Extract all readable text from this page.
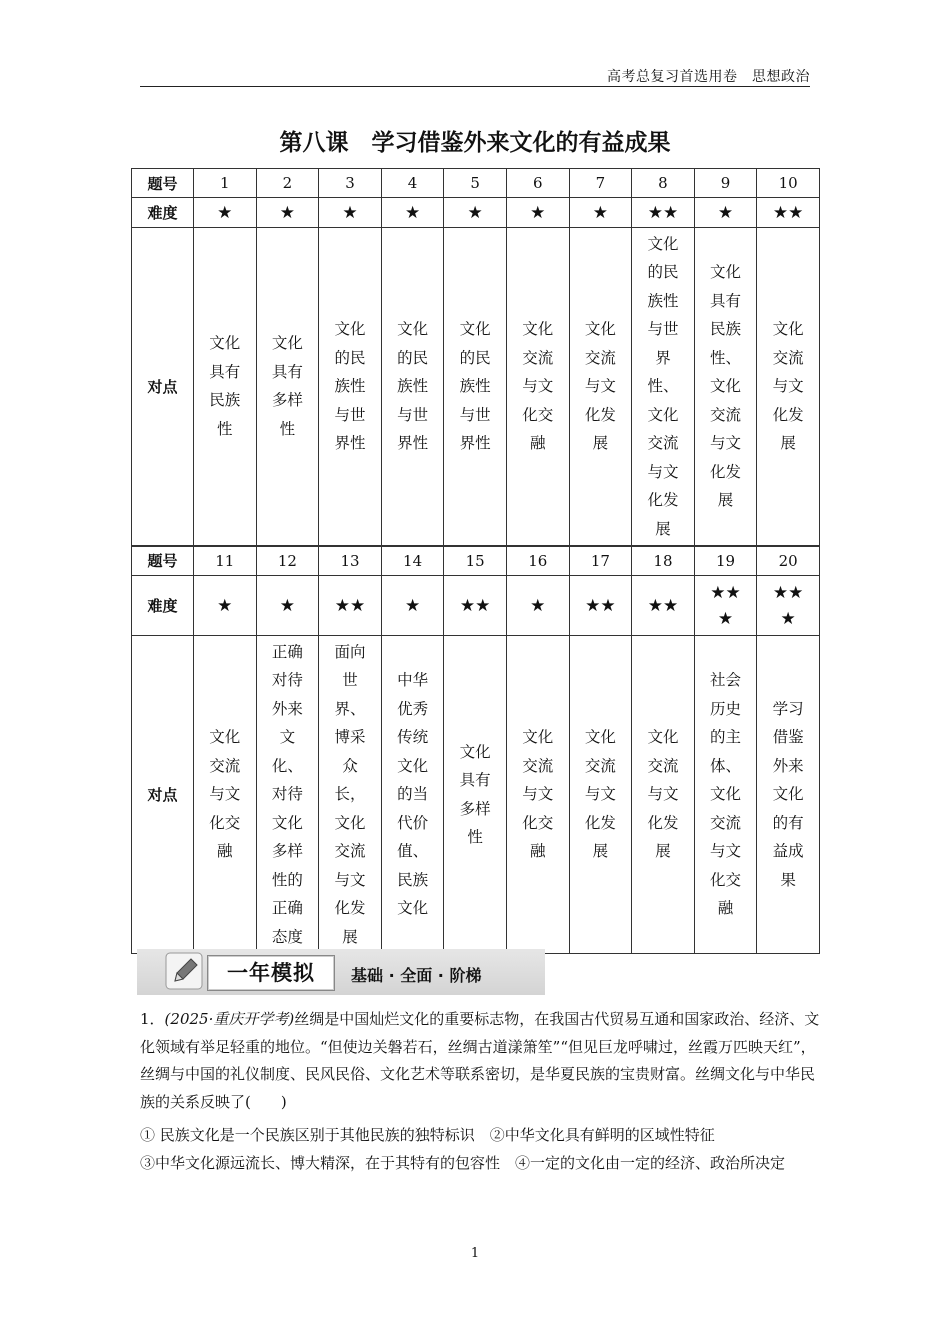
高考总复习首选用卷　思想政治
第八课　学习借鉴外来文化的有益成果
题号	1	2	3	4	5	6	7	8	9	10
难度	★	★	★	★	★	★	★	★★	★	★★
对点	文化具有民族性	文化具有多样性	文化的民族性与世界性	文化的民族性与世界性	文化的民族性与世界性	文化交流与文化交融	文化交流与文化发展	文化的民族性与世界性、文化交流与文化发展	文化具有民族性、文化交流与文化发展	文化交流与文化发展
题号	11	12	13	14	15	16	17	18	19	20
难度	★	★	★★	★	★★	★	★★	★★	★★★	★★★
对点	文化交流与文化交融	正确对待外来文化、对待文化多样性的正确态度	面向世界、博采众长，文化交流与文化发展	中华优秀传统文化的当代价值、民族文化	文化具有多样性	文化交流与文化交融	文化交流与文化发展	文化交流与文化发展	社会历史的主体、文化交流与文化交融	学习借鉴外来文化的有益成果
一年模拟	基础 · 全面 · 阶梯
1．(2025·重庆开学考)丝绸是中国灿烂文化的重要标志物，在我国古代贸易互通和国家政治、经济、文化领域有举足轻重的地位。“但使边关磐若石，丝绸古道漾箫笙”“但见巨龙呼啸过，丝霞万匹映天红”，丝绸与中国的礼仪制度、民风民俗、文化艺术等联系密切，是华夏民族的宝贵财富。丝绸文化与中华民族的关系反映了(　　)
① 民族文化是一个民族区别于其他民族的独特标识　②中华文化具有鲜明的区域性特征
③中华文化源远流长、博大精深，在于其特有的包容性　④一定的文化由一定的经济、政治所决定
1
